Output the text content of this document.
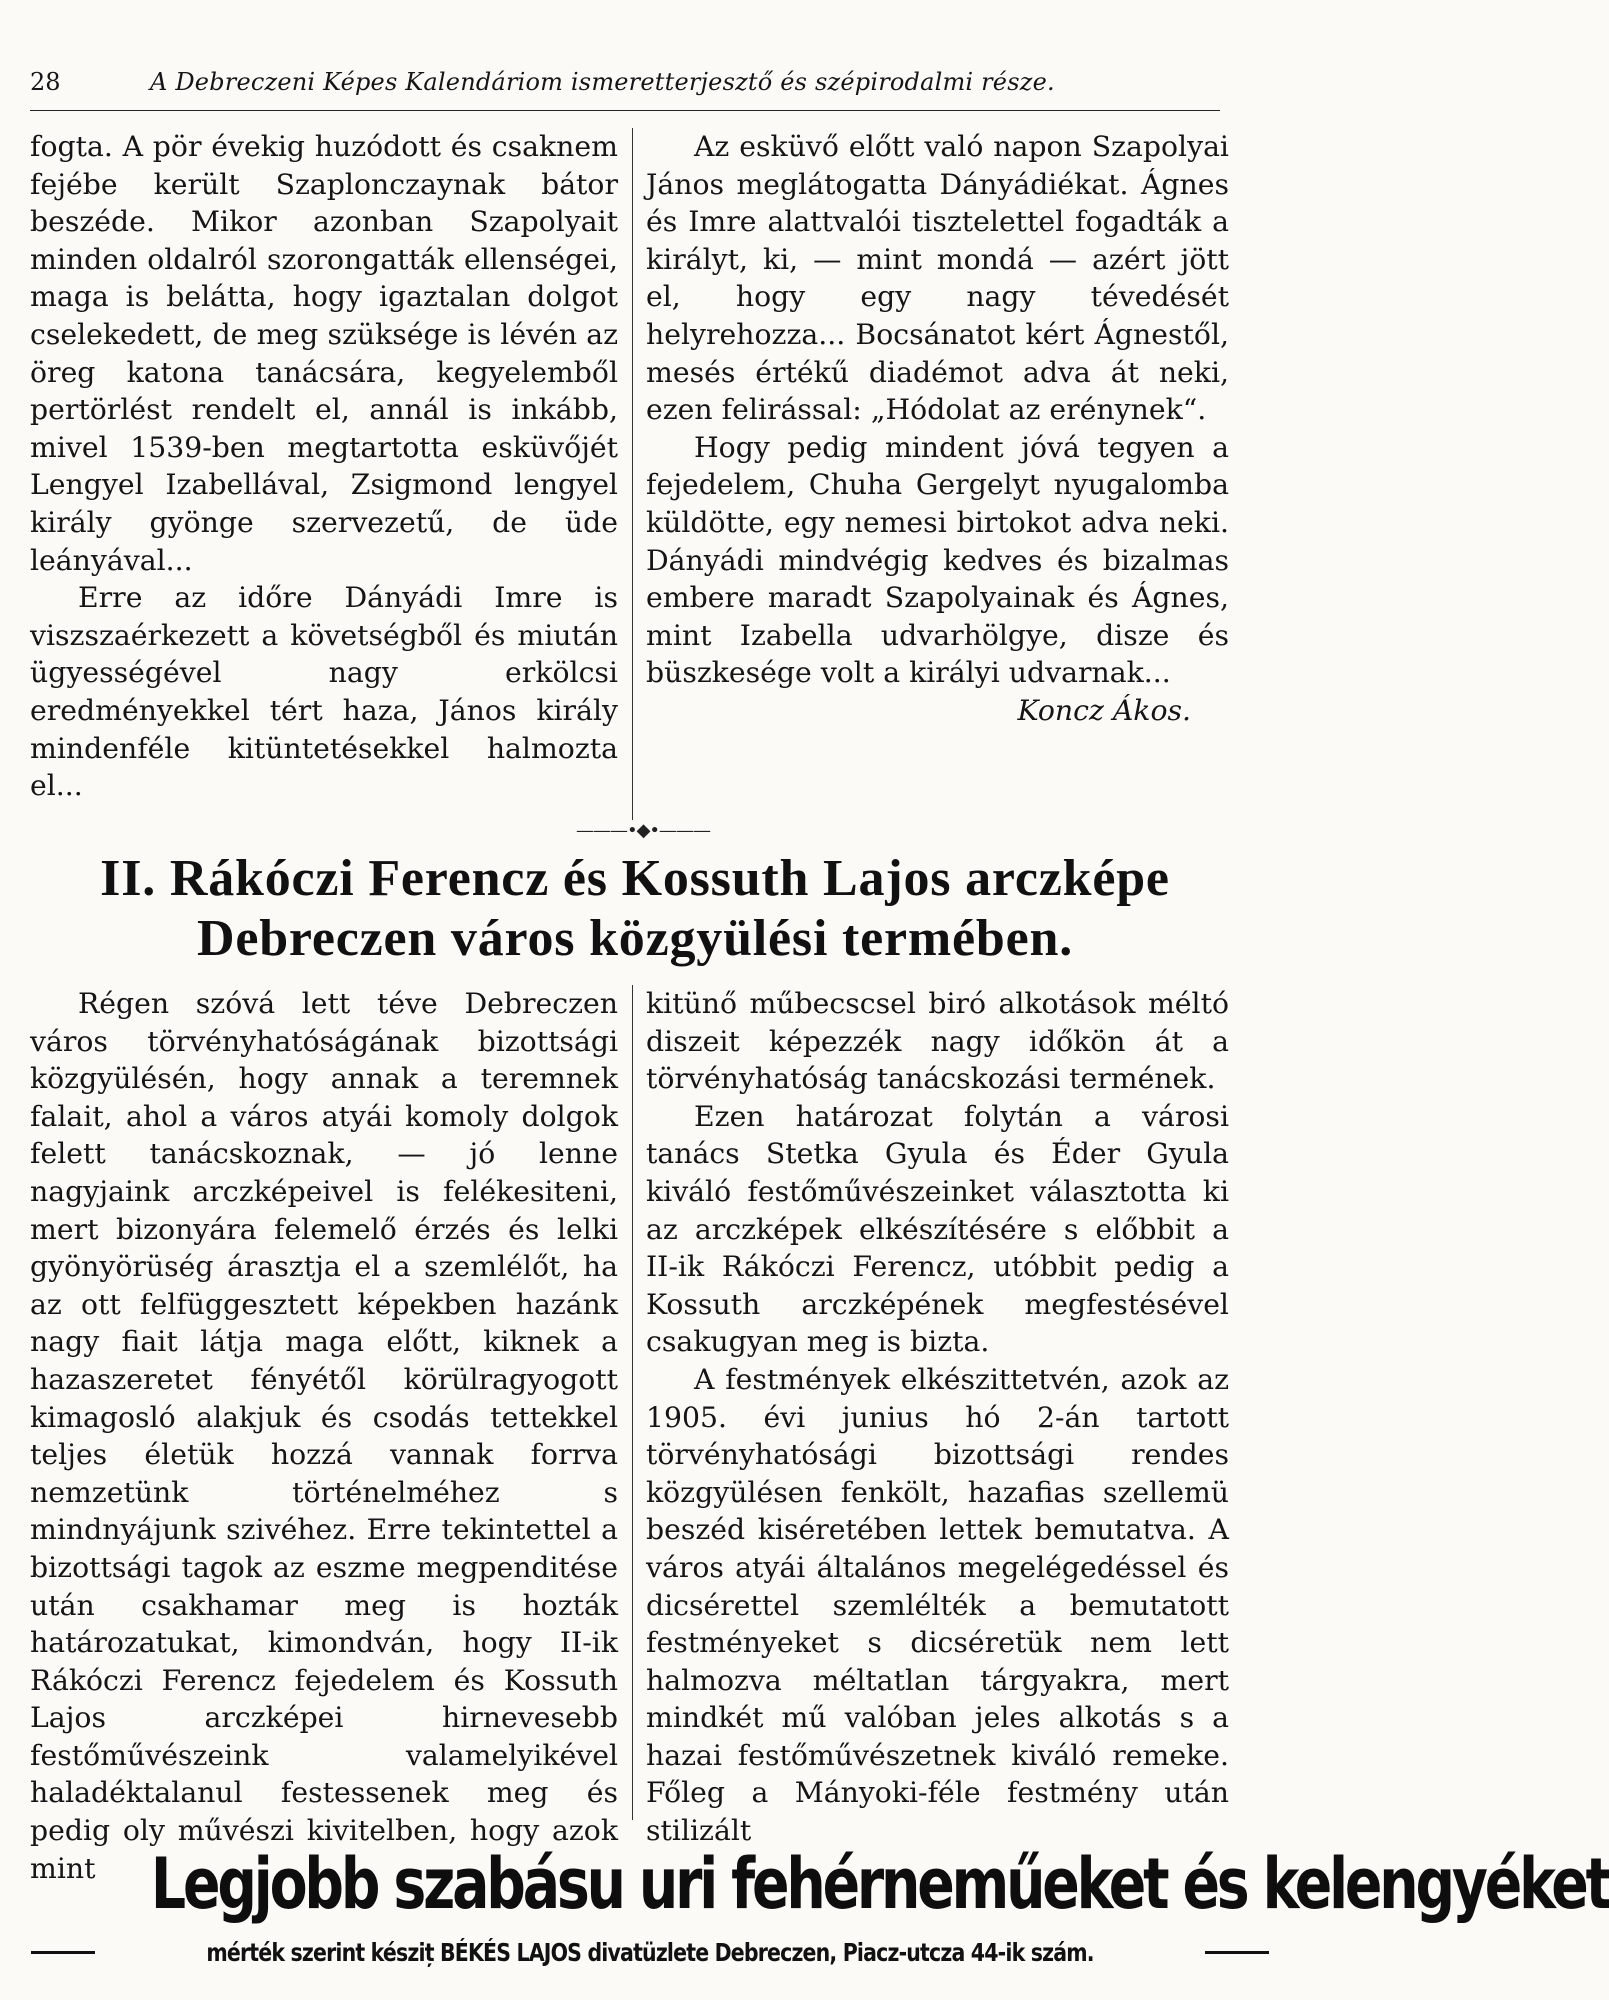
28	A Debreczeni Képes Kalendáriom ismeretterjesztő és szépirodalmi része.

fogta. A pör évekig huzódott és csaknem fejébe került Szaplonczaynak bátor beszéde. Mikor azonban Szapolyait minden oldalról szorongatták ellenségei, maga is belátta, hogy igaztalan dolgot cselekedett, de meg szüksége is lévén az öreg katona tanácsára, kegyelemből pertörlést rendelt el, annál is inkább, mivel 1539-ben megtartotta esküvőjét Lengyel Izabellával, Zsigmond lengyel király gyönge szervezetű, de üde leányával...

Erre az időre Dányádi Imre is viszszaérkezett a követségből és miután ügyességével nagy erkölcsi eredményekkel tért haza, János király mindenféle kitüntetésekkel halmozta el...

Az esküvő előtt való napon Szapolyai János meglátogatta Dányádiékat. Ágnes és Imre alattvalói tisztelettel fogadták a királyt, ki, — mint mondá — azért jött el, hogy egy nagy tévedését helyrehozza... Bocsánatot kért Ágnestől, mesés értékű diadémot adva át neki, ezen felirással: „Hódolat az erénynek“.

Hogy pedig mindent jóvá tegyen a fejedelem, Chuha Gergelyt nyugalomba küldötte, egy nemesi birtokot adva neki. Dányádi mindvégig kedves és bizalmas embere maradt Szapolyainak és Ágnes, mint Izabella udvarhölgye, disze és büszkesége volt a királyi udvarnak...

Koncz Ákos.

———•◆•———
II. Rákóczi Ferencz és Kossuth Lajos arczképe
Debreczen város közgyülési termében.

Régen szóvá lett téve Debreczen város törvényhatóságának bizottsági közgyülésén, hogy annak a teremnek falait, ahol a város atyái komoly dolgok felett tanácskoznak, — jó lenne nagyjaink arczképeivel is felékesiteni, mert bizonyára felemelő érzés és lelki gyönyörüség árasztja el a szemlélőt, ha az ott felfüggesztett képekben hazánk nagy fiait látja maga előtt, kiknek a hazaszeretet fényétől körülragyogott kimagosló alakjuk és csodás tettekkel teljes életük hozzá vannak forrva nemzetünk történelméhez s mindnyájunk szivéhez. Erre tekintettel a bizottsági tagok az eszme megpenditése után csakhamar meg is hozták határozatukat, kimondván, hogy II-ik Rákóczi Ferencz fejedelem és Kossuth Lajos arczképei hirnevesebb festőművészeink valamelyikével haladéktalanul festessenek meg és pedig oly művészi kivitelben, hogy azok mint

kitünő műbecscsel biró alkotások méltó diszeit képezzék nagy időkön át a törvényhatóság tanácskozási termének.

Ezen határozat folytán a városi tanács Stetka Gyula és Éder Gyula kiváló festőművészeinket választotta ki az arczképek elkészítésére s előbbit a II-ik Rákóczi Ferencz, utóbbit pedig a Kossuth arczképének megfestésével csakugyan meg is bizta.

A festmények elkészittetvén, azok az 1905. évi junius hó 2-án tartott törvényhatósági bizottsági rendes közgyülésen fenkölt, hazafias szellemü beszéd kiséretében lettek bemutatva. A város atyái általános megelégedéssel és dicsérettel szemlélték a bemutatott festményeket s dicséretük nem lett halmozva méltatlan tárgyakra, mert mindkét mű valóban jeles alkotás s a hazai festőművészetnek kiváló remeke. Főleg a Mányoki-féle festmény után stilizált

Legjobb szabásu uri fehérneműeket és kelengyéket
mérték szerint késziț BÉKÉS LAJOS divatüzlete Debreczen, Piacz-utcza 44-ik szám.
